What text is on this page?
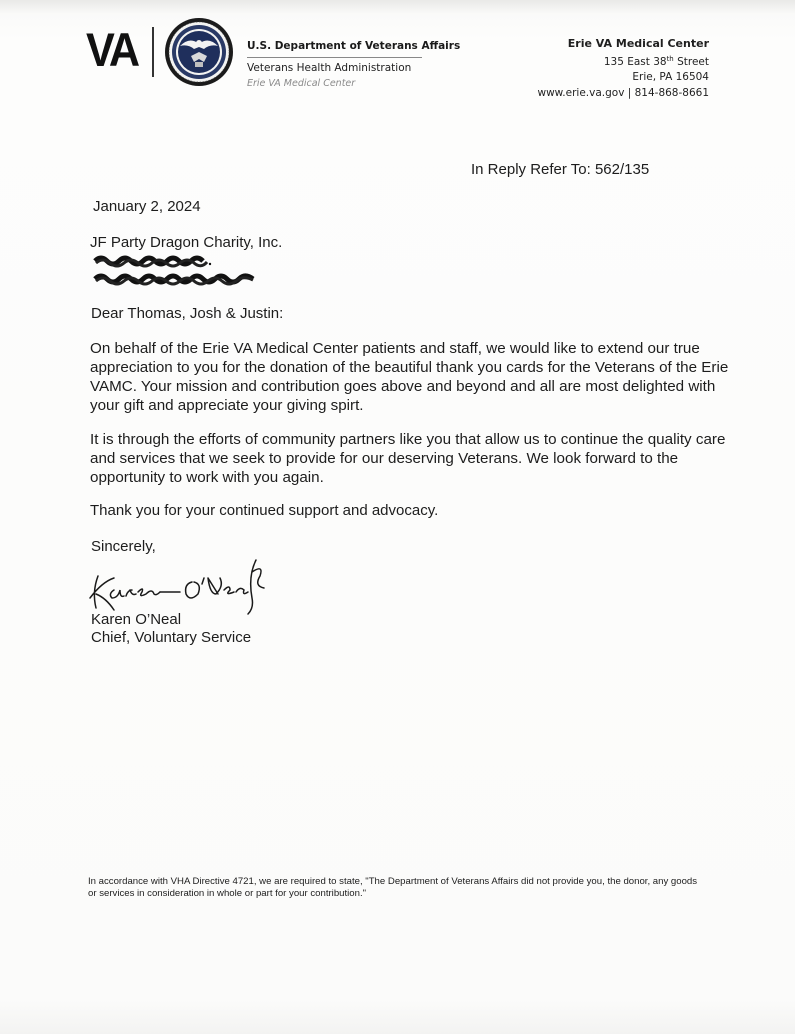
VA	U.S. Department of Veterans Affairs
Veterans Health Administration
Erie VA Medical Center
Erie VA Medical Center
135 East 38th Street
Erie, PA 16504
www.erie.va.gov | 814-868-8661
In Reply Refer To: 562/135
January 2, 2024
JF Party Dragon Charity, Inc.
Dear Thomas, Josh & Justin:
On behalf of the Erie VA Medical Center patients and staff, we would like to extend our true appreciation to you for the donation of the beautiful thank you cards for the Veterans of the Erie VAMC. Your mission and contribution goes above and beyond and all are most delighted with your gift and appreciate your giving spirt.
It is through the efforts of community partners like you that allow us to continue the quality care and services that we seek to provide for our deserving Veterans. We look forward to the opportunity to work with you again.
Thank you for your continued support and advocacy.
Sincerely,
Karen O’Neal
Chief, Voluntary Service
In accordance with VHA Directive 4721, we are required to state, "The Department of Veterans Affairs did not provide you, the donor, any goods or services in consideration in whole or part for your contribution."
